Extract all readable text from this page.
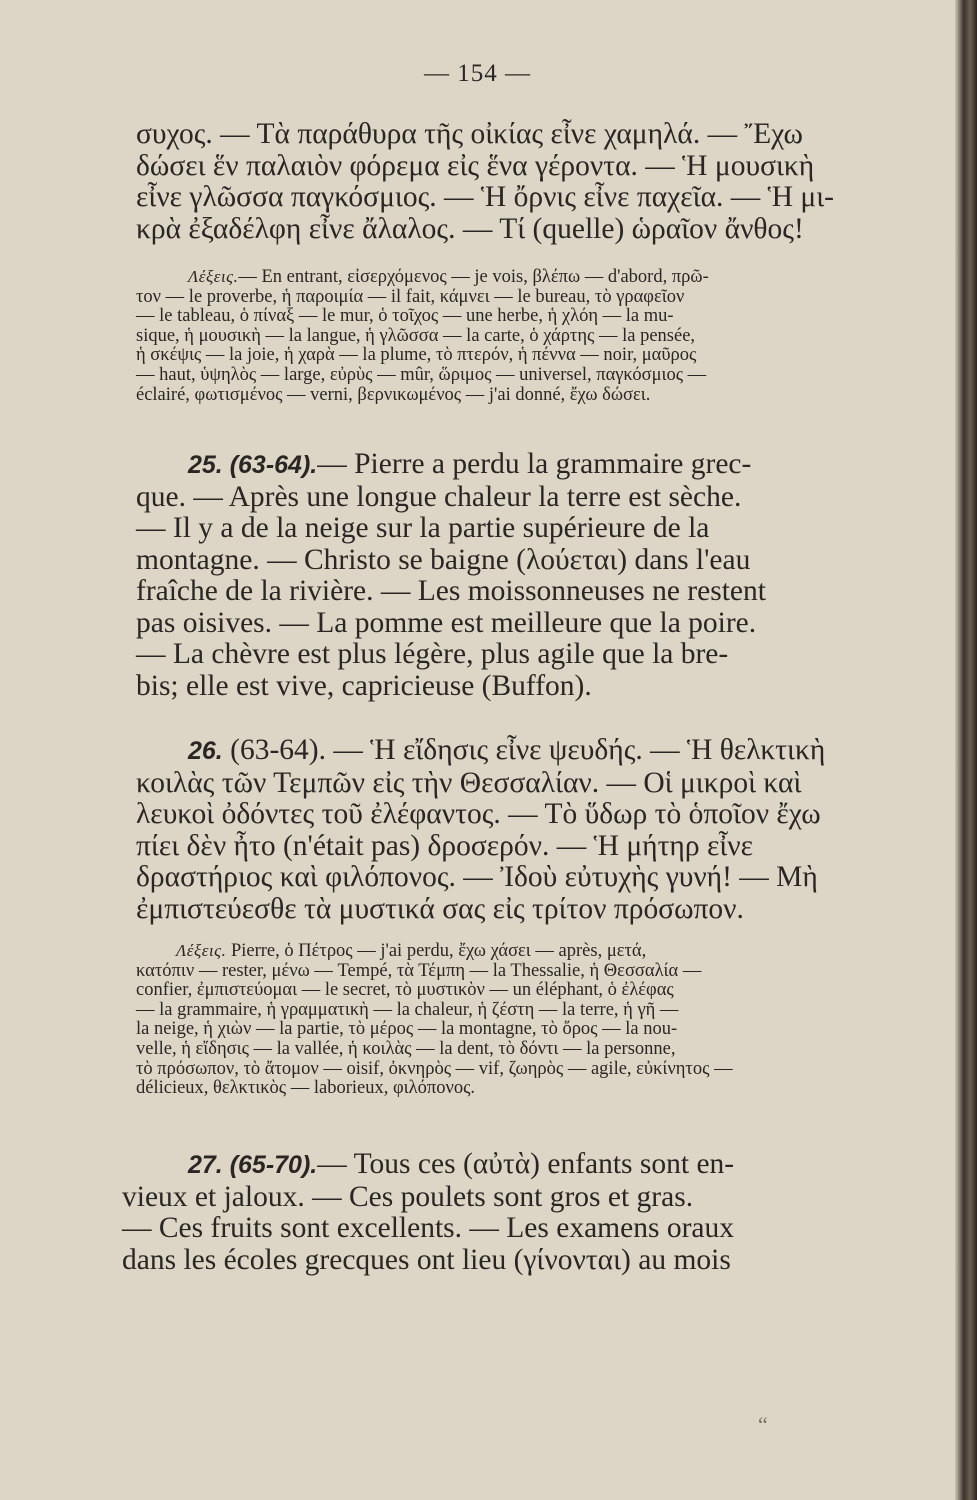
— 154 —
συχος. — Τὰ παράθυρα τῆς οἰκίας εἶνε χαμηλά. — Ἔχω
δώσει ἕν παλαιὸν φόρεμα εἰς ἕνα γέροντα. — Ἡ μουσικὴ
εἶνε γλῶσσα παγκόσμιος. — Ἡ ὄρνις εἶνε παχεῖα. — Ἡ μι-
κρὰ ἐξαδέλφη εἶνε ἄλαλος. — Τί (quelle) ὡραῖον ἄνθος!
Λέξεις.— En entrant, εἰσερχόμενος — je vois, βλέπω — d'abord, πρῶ-
τον — le proverbe, ἡ παροιμία — il fait, κάμνει — le bureau, τὸ γραφεῖον
— le tableau, ὁ πίναξ — le mur, ὁ τοῖχος — une herbe, ἡ χλόη — la mu-
sique, ἡ μουσικὴ — la langue, ἡ γλῶσσα — la carte, ὁ χάρτης — la pensée,
ἡ σκέψις — la joie, ἡ χαρὰ — la plume, τὸ πτερόν, ἡ πέννα — noir, μαῦρος
— haut, ὑψηλὸς — large, εὐρὺς — mûr, ὥριμος — universel, παγκόσμιος —
éclairé, φωτισμένος — verni, βερνικωμένος — j'ai donné, ἔχω δώσει.
25. (63-64).— Pierre a perdu la grammaire grec-
que. — Après une longue chaleur la terre est sèche.
— Il y a de la neige sur la partie supérieure de la
montagne. — Christo se baigne (λούεται) dans l'eau
fraîche de la rivière. — Les moissonneuses ne restent
pas oisives. — La pomme est meilleure que la poire.
— La chèvre est plus légère, plus agile que la bre-
bis; elle est vive, capricieuse (Buffon).
26. (63-64). — Ἡ εἴδησις εἶνε ψευδής. — Ἡ θελκτικὴ
κοιλὰς τῶν Τεμπῶν εἰς τὴν Θεσσαλίαν. — Οἱ μικροὶ καὶ
λευκοὶ ὀδόντες τοῦ ἐλέφαντος. — Τὸ ὕδωρ τὸ ὁποῖον ἔχω
πίει δὲν ἦτο (n'était pas) δροσερόν. — Ἡ μήτηρ εἶνε
δραστήριος καὶ φιλόπονος. — Ἰδοὺ εὐτυχὴς γυνή! — Μὴ
ἐμπιστεύεσθε τὰ μυστικά σας εἰς τρίτον πρόσωπον.
Λέξεις. Pierre, ὁ Πέτρος — j'ai perdu, ἔχω χάσει — après, μετά,
κατόπιν — rester, μένω — Tempé, τὰ Τέμπη — la Thessalie, ἡ Θεσσαλία —
confier, ἐμπιστεύομαι — le secret, τὸ μυστικὸν — un éléphant, ὁ ἐλέφας
— la grammaire, ἡ γραμματικὴ — la chaleur, ἡ ζέστη — la terre, ἡ γῆ —
la neige, ἡ χιὼν — la partie, τὸ μέρος — la montagne, τὸ ὄρος — la nou-
velle, ἡ εἴδησις — la vallée, ἡ κοιλὰς — la dent, τὸ δόντι — la personne,
τὸ πρόσωπον, τὸ ἄτομον — oisif, ὀκνηρὸς — vif, ζωηρὸς — agile, εὐκίνητος —
délicieux, θελκτικὸς — laborieux, φιλόπονος.
27. (65-70).— Tous ces (αὐτὰ) enfants sont en-
vieux et jaloux. — Ces poulets sont gros et gras.
— Ces fruits sont excellents. — Les examens oraux
dans les écoles grecques ont lieu (γίνονται) au mois
“
